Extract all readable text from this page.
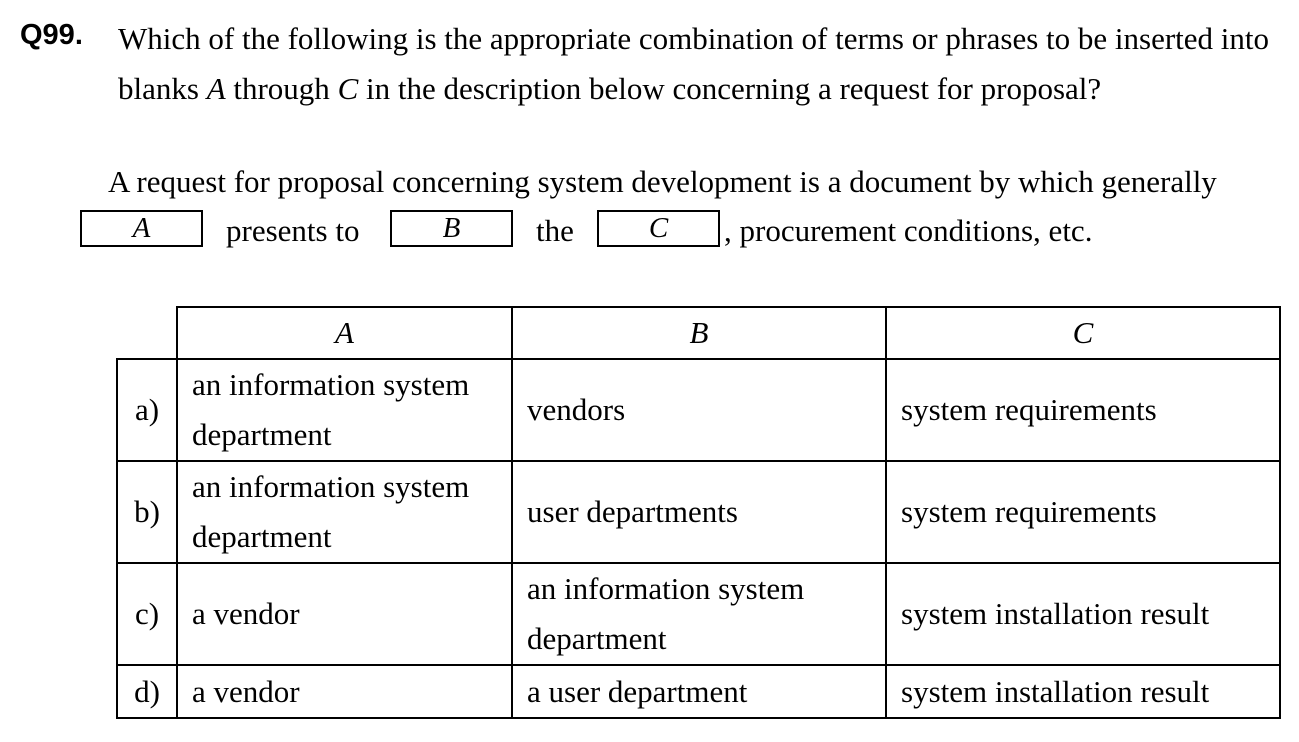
Q99. Which of the following is the appropriate combination of terms or phrases to be inserted into blanks A through C in the description below concerning a request for proposal?
A request for proposal concerning system development is a document by which generally
A	presents to	B	the	C	, procurement conditions, etc.
	A	B	C
a)	an information system department	vendors	system requirements
b)	an information system department	user departments	system requirements
c)	a vendor	an information system department	system installation result
d)	a vendor	a user department	system installation result
